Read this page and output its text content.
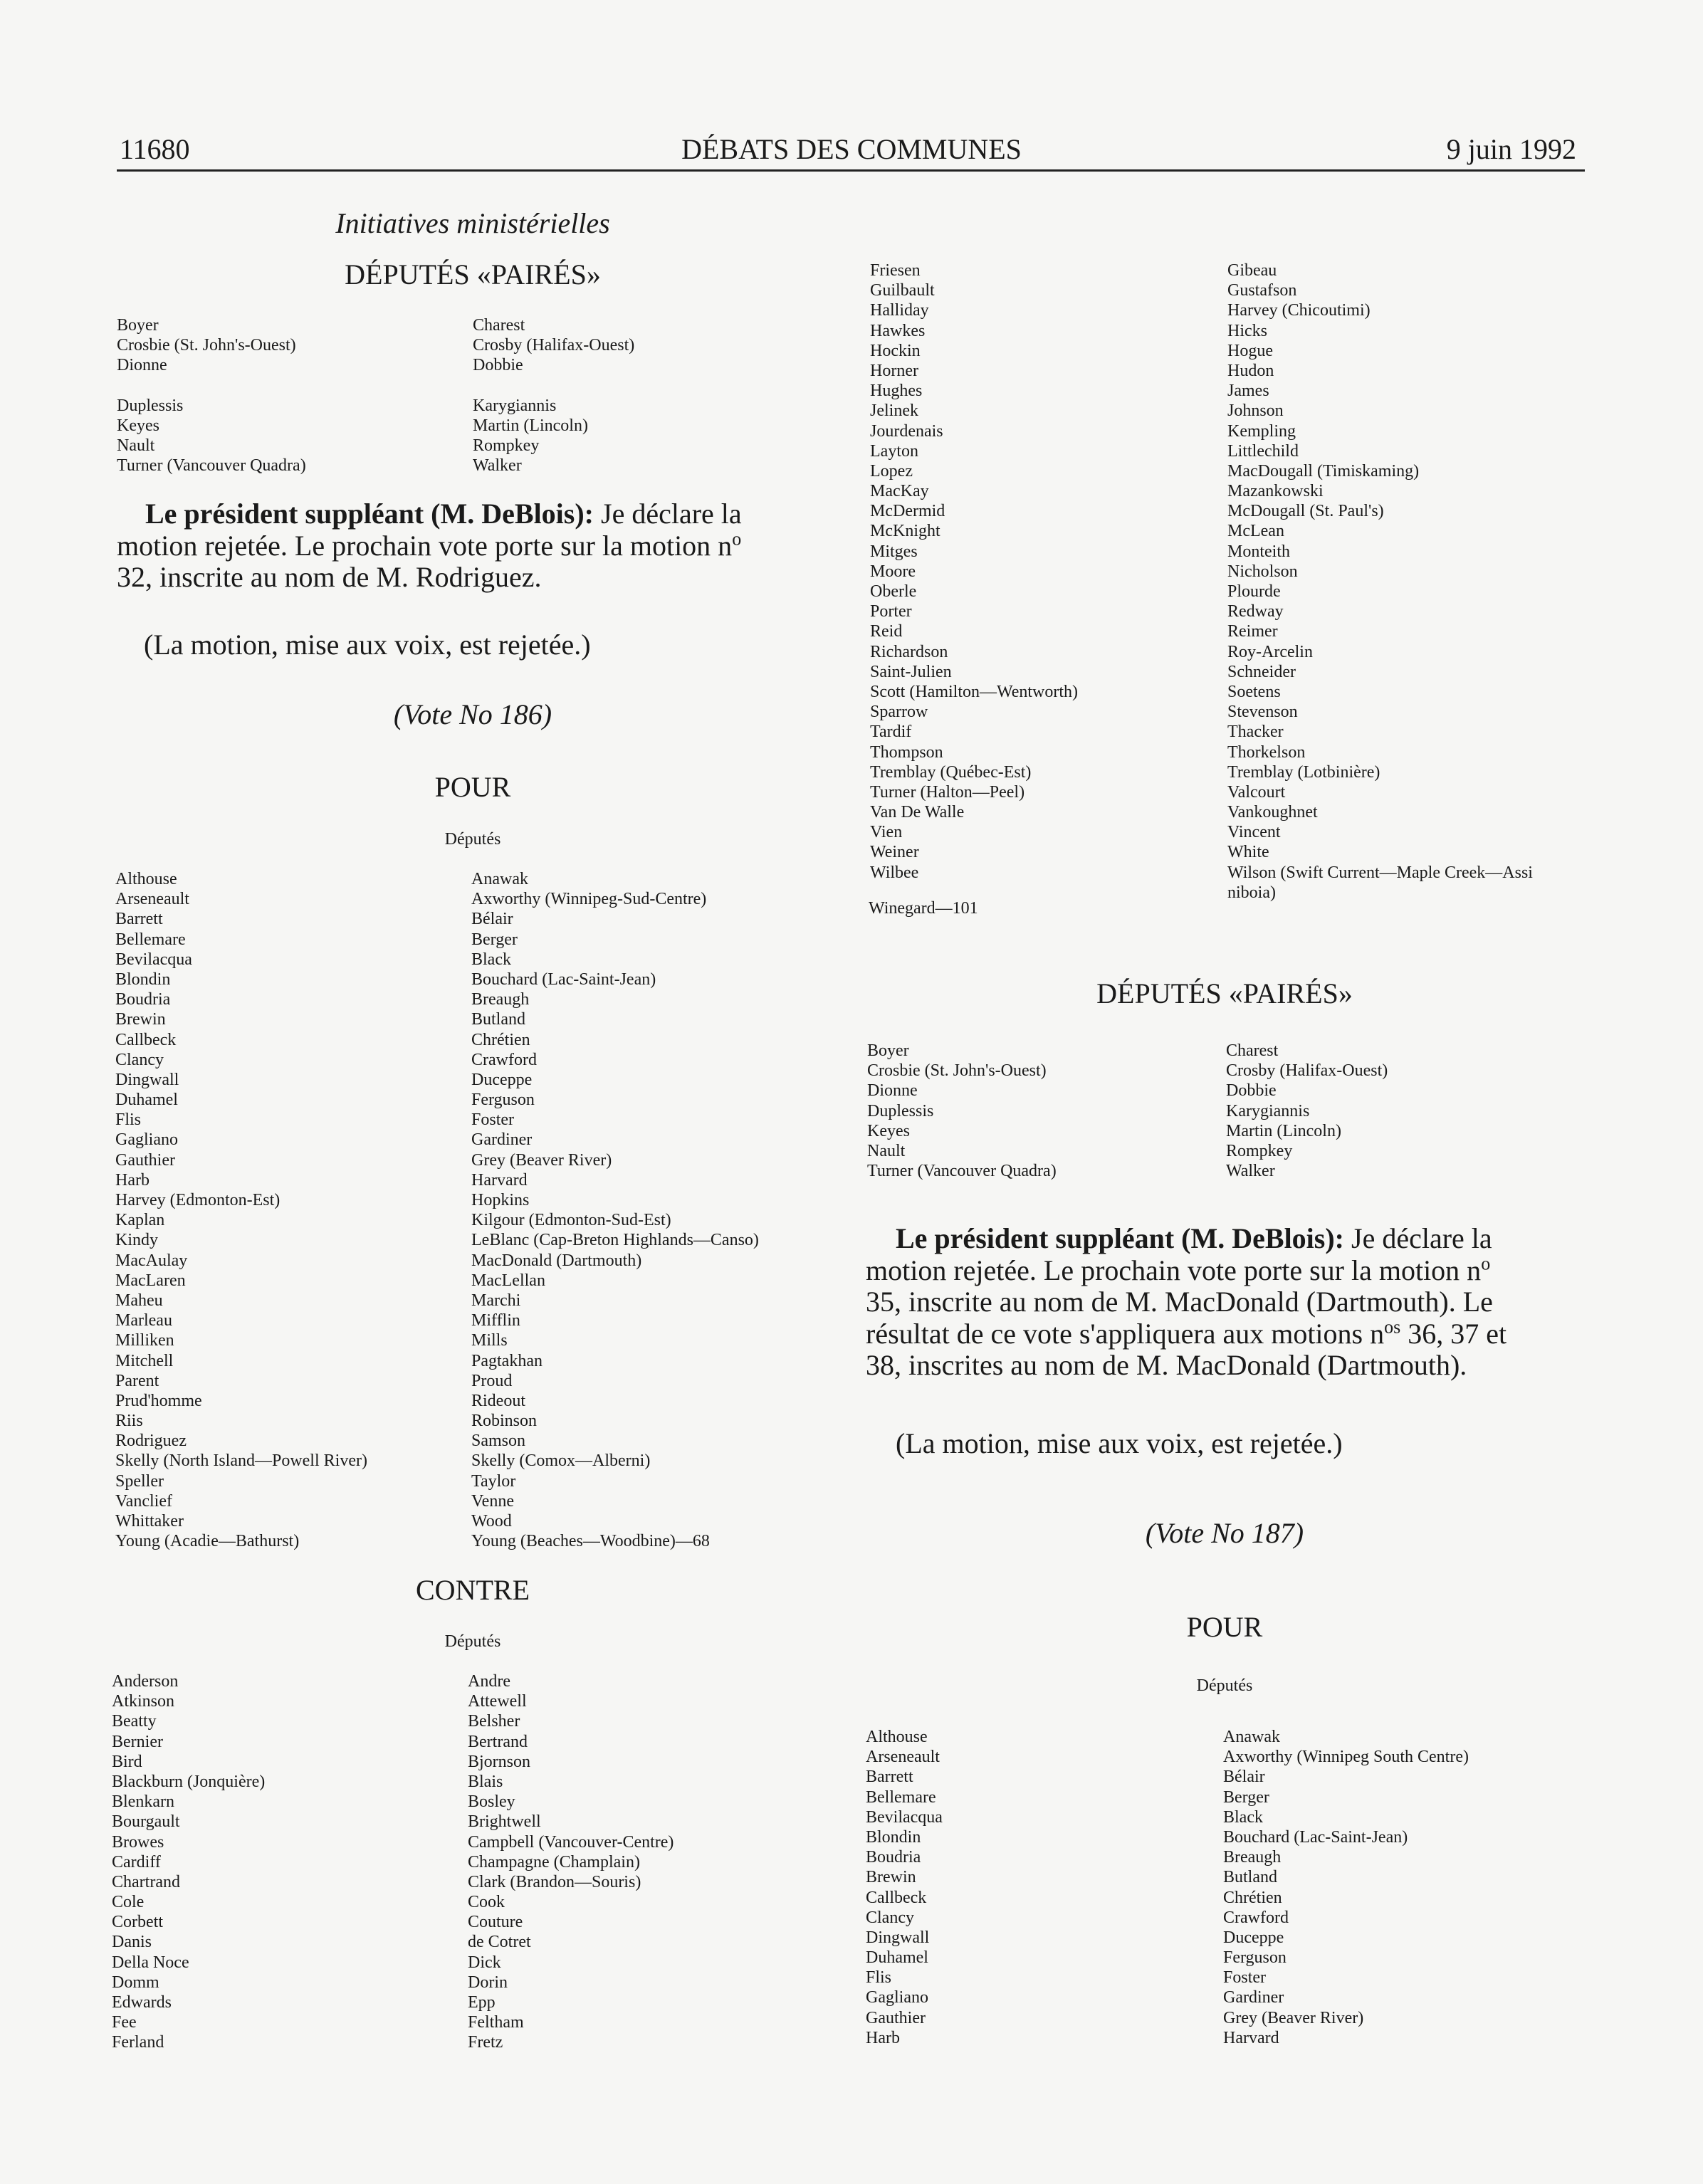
11680	DÉBATS DES COMMUNES	9 juin 1992
Initiatives ministérielles
DÉPUTÉS «PAIRÉS»
Boyer
Crosbie (St. John's-Ouest)
Dionne
Duplessis
Keyes
Nault
Turner (Vancouver Quadra)
Charest
Crosby (Halifax-Ouest)
Dobbie
Karygiannis
Martin (Lincoln)
Rompkey
Walker
Le président suppléant (M. DeBlois): Je déclare la
motion rejetée. Le prochain vote porte sur la motion $n^o$
32, inscrite au nom de M. Rodriguez.
(La motion, mise aux voix, est rejetée.)
(Vote No 186)
POUR
Députés
Althouse
Arseneault
Barrett
Bellemare
Bevilacqua
Blondin
Boudria
Brewin
Callbeck
Clancy
Dingwall
Duhamel
Flis
Gagliano
Gauthier
Harb
Harvey (Edmonton-Est)
Kaplan
Kindy
MacAulay
MacLaren
Maheu
Marleau
Milliken
Mitchell
Parent
Prud'homme
Riis
Rodriguez
Skelly (North Island—Powell River)
Speller
Vanclief
Whittaker
Young (Acadie—Bathurst)
Anawak
Axworthy (Winnipeg-Sud-Centre)
Bélair
Berger
Black
Bouchard (Lac-Saint-Jean)
Breaugh
Butland
Chrétien
Crawford
Duceppe
Ferguson
Foster
Gardiner
Grey (Beaver River)
Harvard
Hopkins
Kilgour (Edmonton-Sud-Est)
LeBlanc (Cap-Breton Highlands—Canso)
MacDonald (Dartmouth)
MacLellan
Marchi
Mifflin
Mills
Pagtakhan
Proud
Rideout
Robinson
Samson
Skelly (Comox—Alberni)
Taylor
Venne
Wood
Young (Beaches—Woodbine)—68
CONTRE
Députés
Anderson
Atkinson
Beatty
Bernier
Bird
Blackburn (Jonquière)
Blenkarn
Bourgault
Browes
Cardiff
Chartrand
Cole
Corbett
Danis
Della Noce
Domm
Edwards
Fee
Ferland
Andre
Attewell
Belsher
Bertrand
Bjornson
Blais
Bosley
Brightwell
Campbell (Vancouver-Centre)
Champagne (Champlain)
Clark (Brandon—Souris)
Cook
Couture
de Cotret
Dick
Dorin
Epp
Feltham
Fretz
Friesen
Guilbault
Halliday
Hawkes
Hockin
Horner
Hughes
Jelinek
Jourdenais
Layton
Lopez
MacKay
McDermid
McKnight
Mitges
Moore
Oberle
Porter
Reid
Richardson
Saint-Julien
Scott (Hamilton—Wentworth)
Sparrow
Tardif
Thompson
Tremblay (Québec-Est)
Turner (Halton—Peel)
Van De Walle
Vien
Weiner
Wilbee
Gibeau
Gustafson
Harvey (Chicoutimi)
Hicks
Hogue
Hudon
James
Johnson
Kempling
Littlechild
MacDougall (Timiskaming)
Mazankowski
McDougall (St. Paul's)
McLean
Monteith
Nicholson
Plourde
Redway
Reimer
Roy-Arcelin
Schneider
Soetens
Stevenson
Thacker
Thorkelson
Tremblay (Lotbinière)
Valcourt
Vankoughnet
Vincent
White
Wilson (Swift Current—Maple Creek—Assi
niboia)
Winegard—101
DÉPUTÉS «PAIRÉS»
Boyer
Crosbie (St. John's-Ouest)
Dionne
Duplessis
Keyes
Nault
Turner (Vancouver Quadra)
Charest
Crosby (Halifax-Ouest)
Dobbie
Karygiannis
Martin (Lincoln)
Rompkey
Walker
Le président suppléant (M. DeBlois): Je déclare la
motion rejetée. Le prochain vote porte sur la motion $n^o$
35, inscrite au nom de M. MacDonald (Dartmouth). Le
résultat de ce vote s'appliquera aux motions $n^{os}$ 36, 37 et
38, inscrites au nom de M. MacDonald (Dartmouth).
(La motion, mise aux voix, est rejetée.)
(Vote No 187)
POUR
Députés
Althouse
Arseneault
Barrett
Bellemare
Bevilacqua
Blondin
Boudria
Brewin
Callbeck
Clancy
Dingwall
Duhamel
Flis
Gagliano
Gauthier
Harb
Anawak
Axworthy (Winnipeg South Centre)
Bélair
Berger
Black
Bouchard (Lac-Saint-Jean)
Breaugh
Butland
Chrétien
Crawford
Duceppe
Ferguson
Foster
Gardiner
Grey (Beaver River)
Harvard
